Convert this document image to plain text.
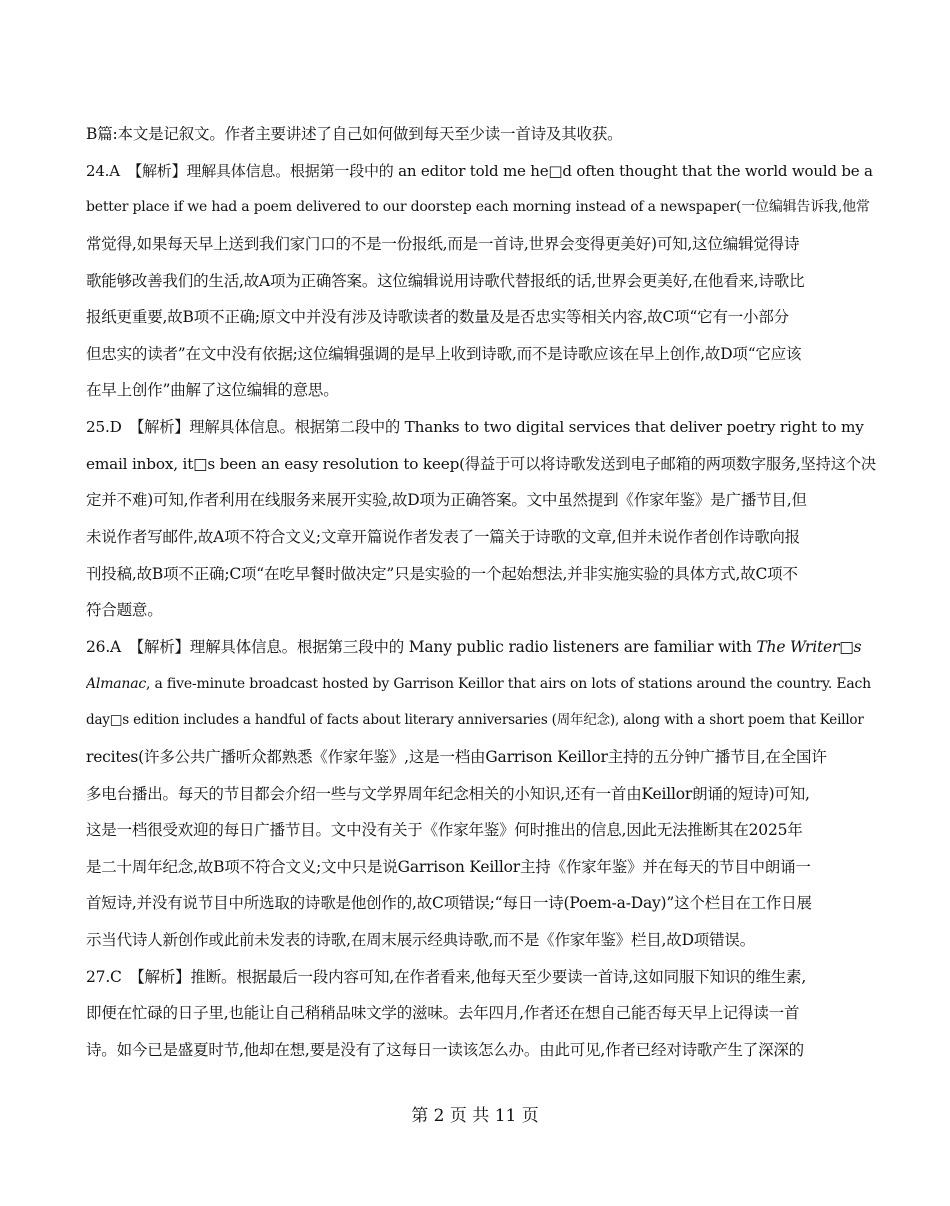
B篇:本文是记叙文。作者主要讲述了自己如何做到每天至少读一首诗及其收获。
24.A　【解析】理解具体信息。根据第一段中的 an editor told me he□d often thought that the world would be a
better place if we had a poem delivered to our doorstep each morning instead of a newspaper(一位编辑告诉我,他常
常觉得,如果每天早上送到我们家门口的不是一份报纸,而是一首诗,世界会变得更美好)可知,这位编辑觉得诗
歌能够改善我们的生活,故A项为正确答案。这位编辑说用诗歌代替报纸的话,世界会更美好,在他看来,诗歌比
报纸更重要,故B项不正确;原文中并没有涉及诗歌读者的数量及是否忠实等相关内容,故C项“它有一小部分
但忠实的读者”在文中没有依据;这位编辑强调的是早上收到诗歌,而不是诗歌应该在早上创作,故D项“它应该
在早上创作”曲解了这位编辑的意思。
25.D　【解析】理解具体信息。根据第二段中的 Thanks to two digital services that deliver poetry right to my
email inbox, it□s been an easy resolution to keep(得益于可以将诗歌发送到电子邮箱的两项数字服务,坚持这个决
定并不难)可知,作者利用在线服务来展开实验,故D项为正确答案。文中虽然提到《作家年鉴》是广播节目,但
未说作者写邮件,故A项不符合文义;文章开篇说作者发表了一篇关于诗歌的文章,但并未说作者创作诗歌向报
刊投稿,故B项不正确;C项“在吃早餐时做决定”只是实验的一个起始想法,并非实施实验的具体方式,故C项不
符合题意。
26.A　【解析】理解具体信息。根据第三段中的 Many public radio listeners are familiar with The Writer□s
Almanac, a five-minute broadcast hosted by Garrison Keillor that airs on lots of stations around the country. Each
day□s edition includes a handful of facts about literary anniversaries (周年纪念), along with a short poem that Keillor
recites(许多公共广播听众都熟悉《作家年鉴》,这是一档由Garrison Keillor主持的五分钟广播节目,在全国许
多电台播出。每天的节目都会介绍一些与文学界周年纪念相关的小知识,还有一首由Keillor朗诵的短诗)可知,
这是一档很受欢迎的每日广播节目。文中没有关于《作家年鉴》何时推出的信息,因此无法推断其在2025年
是二十周年纪念,故B项不符合文义;文中只是说Garrison Keillor主持《作家年鉴》并在每天的节目中朗诵一
首短诗,并没有说节目中所选取的诗歌是他创作的,故C项错误;“每日一诗(Poem-a-Day)”这个栏目在工作日展
示当代诗人新创作或此前未发表的诗歌,在周末展示经典诗歌,而不是《作家年鉴》栏目,故D项错误。
27.C　【解析】推断。根据最后一段内容可知,在作者看来,他每天至少要读一首诗,这如同服下知识的维生素,
即便在忙碌的日子里,也能让自己稍稍品味文学的滋味。去年四月,作者还在想自己能否每天早上记得读一首
诗。如今已是盛夏时节,他却在想,要是没有了这每日一读该怎么办。由此可见,作者已经对诗歌产生了深深的
第 2 页 共 11 页
